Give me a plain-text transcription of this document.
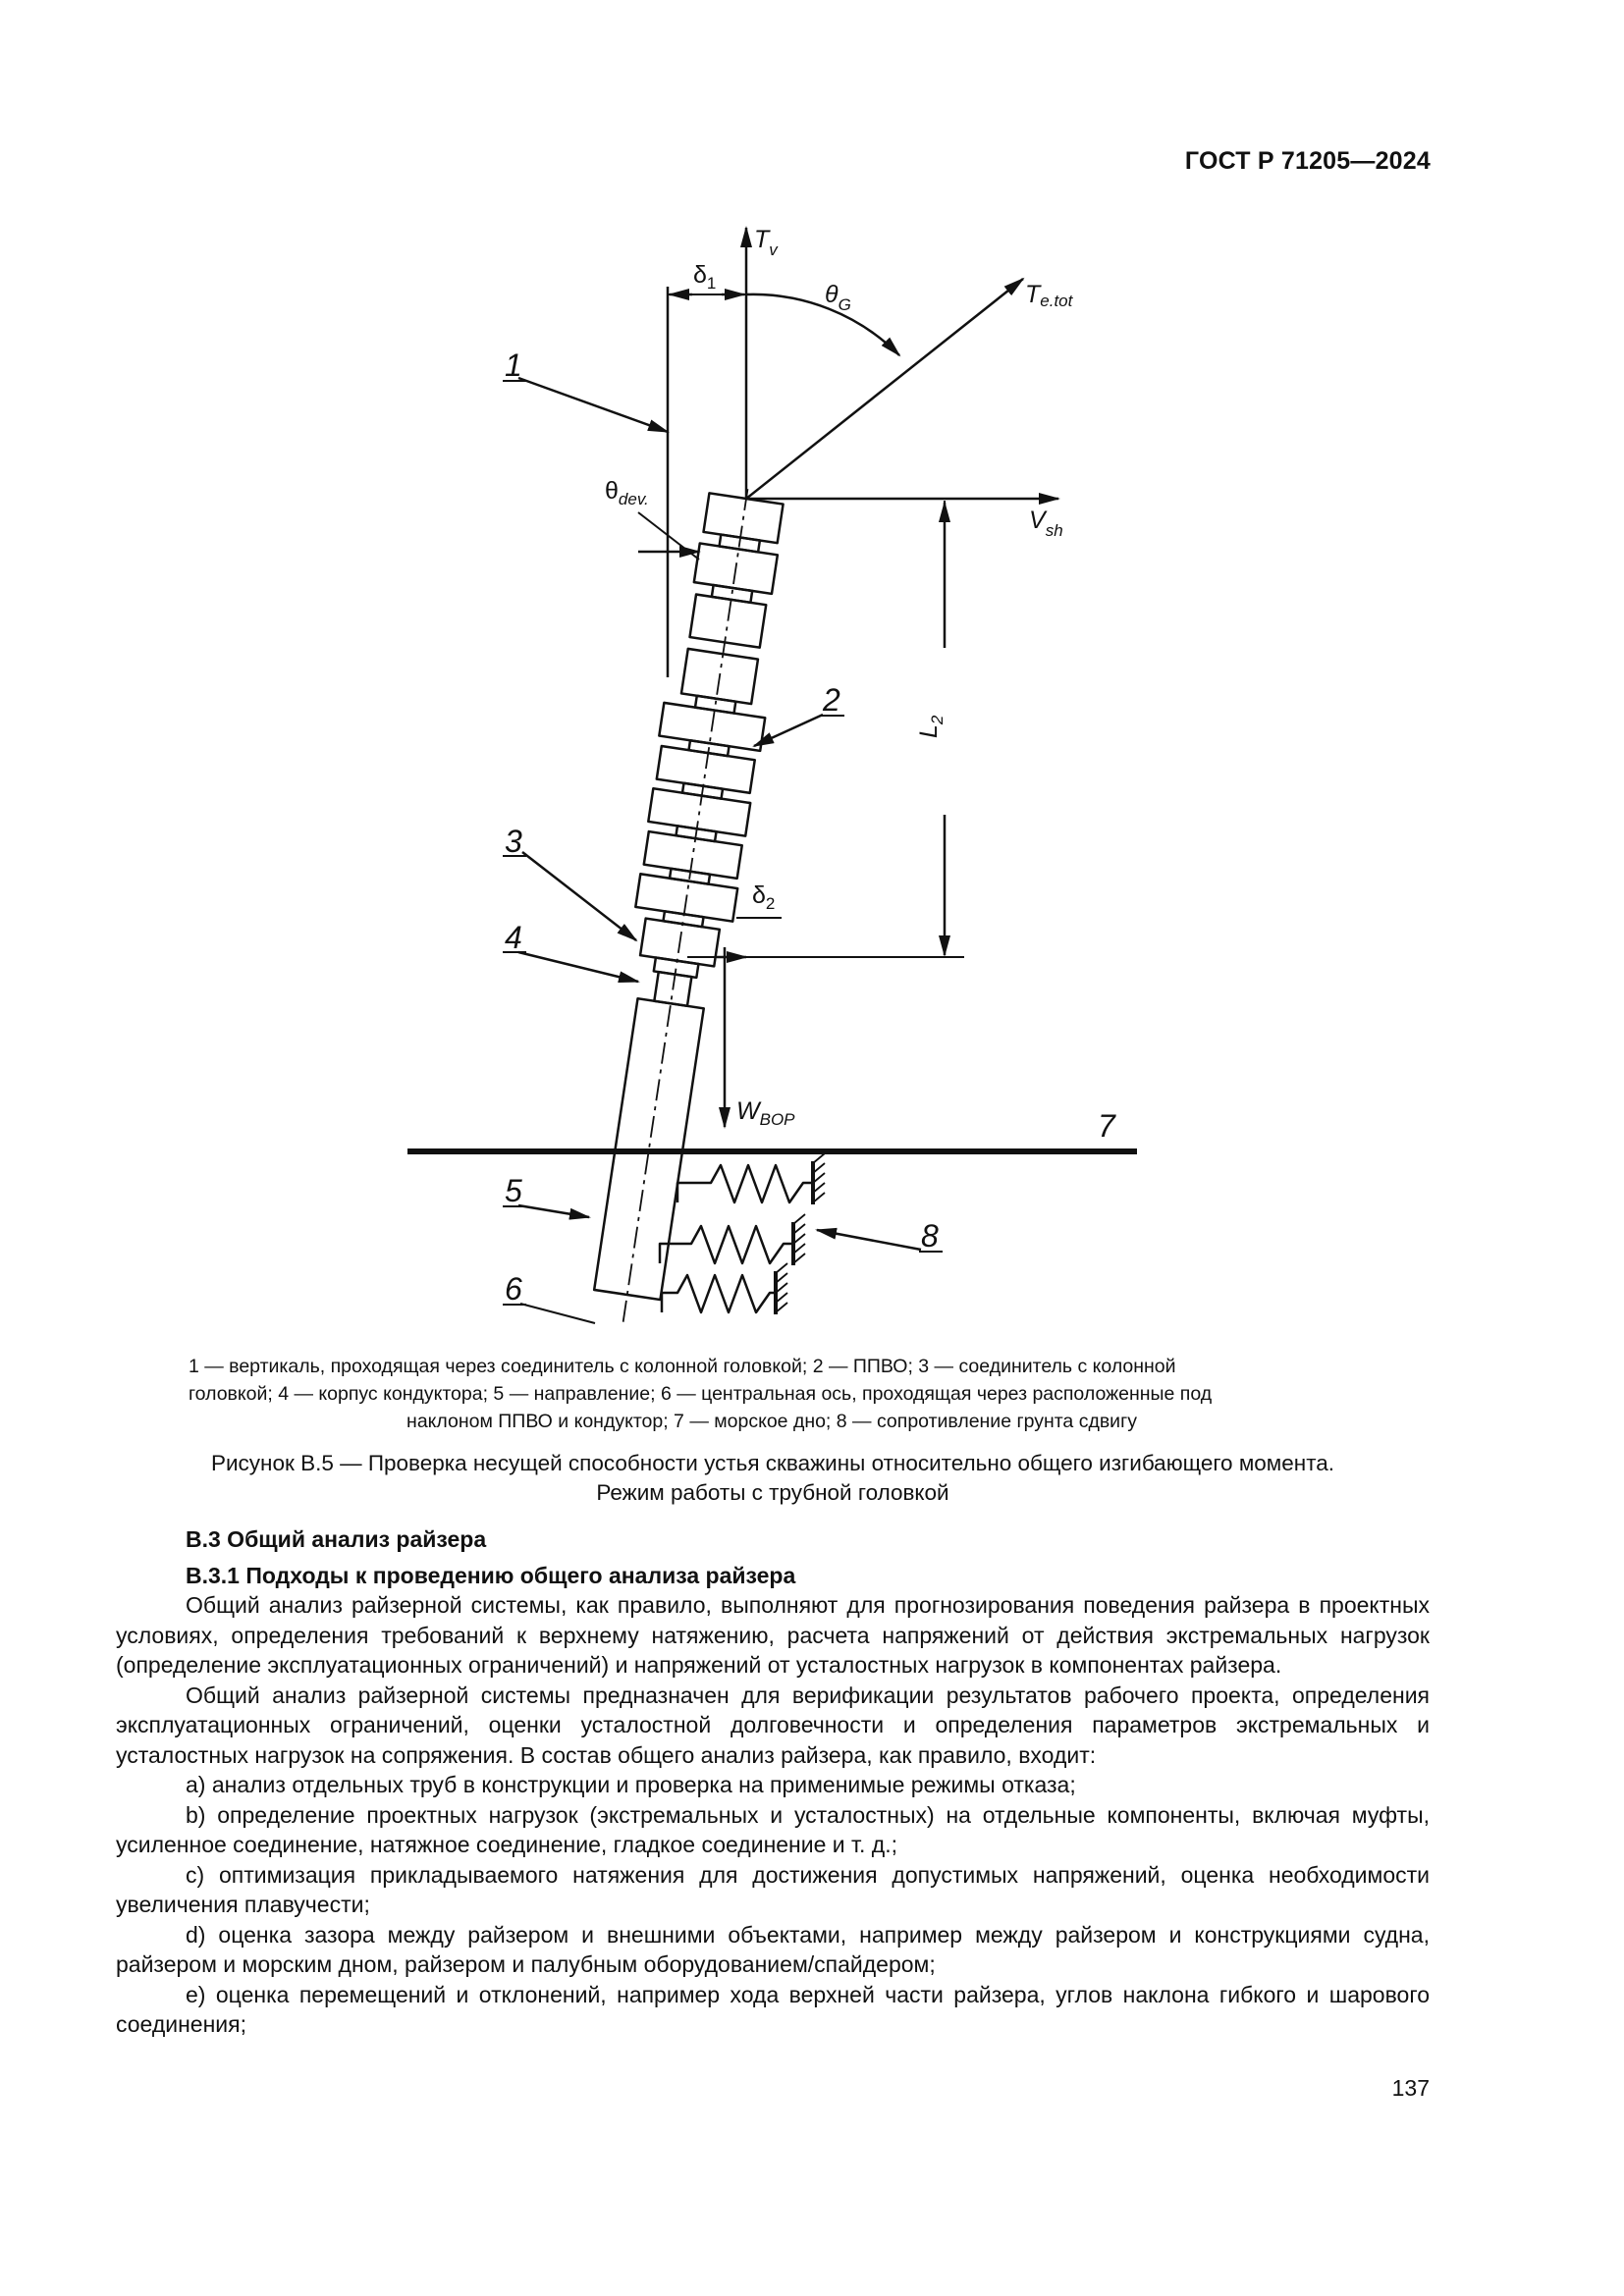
ГОСТ Р 71205—2024
1
2
3
4
5
6
7
8
Tv
Te.tot
δ1	θG
θdev.
Vsh
L2
δ2
WBOP
1 — вертикаль, проходящая через соединитель с колонной головкой; 2 — ППВО; 3 — соединитель с колонной
головкой; 4 — корпус кондуктора; 5 — направление; 6 — центральная ось, проходящая через расположенные под
наклоном ППВО и кондуктор; 7 — морское дно; 8 — сопротивление грунта сдвигу
Рисунок В.5 — Проверка несущей способности устья скважины относительно общего изгибающего момента.
Режим работы с трубной головкой

В.3 Общий анализ райзера

В.3.1 Подходы к проведению общего анализа райзера

Общий анализ райзерной системы, как правило, выполняют для прогнозирования поведения райзера в проектных условиях, определения требований к верхнему натяжению, расчета напряжений от действия экстремальных нагрузок (определение эксплуатационных ограничений) и напряжений от усталостных нагрузок в компонентах райзера.

Общий анализ райзерной системы предназначен для верификации результатов рабочего проекта, определения эксплуатационных ограничений, оценки усталостной долговечности и определения параметров экстремальных и усталостных нагрузок на сопряжения. В состав общего анализ райзера, как правило, входит:

а) анализ отдельных труб в конструкции и проверка на применимые режимы отказа;

b) определение проектных нагрузок (экстремальных и усталостных) на отдельные компоненты, включая муфты, усиленное соединение, натяжное соединение, гладкое соединение и т. д.;

с) оптимизация прикладываемого натяжения для достижения допустимых напряжений, оценка необходимости увеличения плавучести;

d) оценка зазора между райзером и внешними объектами, например между райзером и конструкциями судна, райзером и морским дном, райзером и палубным оборудованием/спайдером;

е) оценка перемещений и отклонений, например хода верхней части райзера, углов наклона гибкого и шарового соединения;

137
